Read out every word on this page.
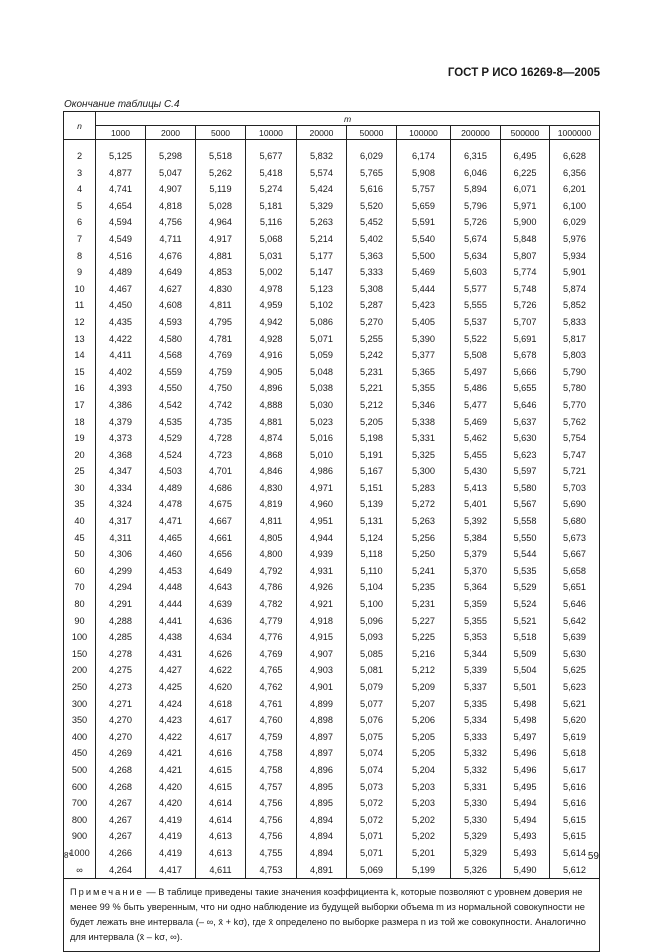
ГОСТ Р ИСО 16269-8—2005
Окончание таблицы С.4
n	m									
	1000	2000	5000	10000	20000	50000	100000	200000	500000	1000000

2	5,125	5,298	5,518	5,677	5,832	6,029	6,174	6,315	6,495	6,628
3	4,877	5,047	5,262	5,418	5,574	5,765	5,908	6,046	6,225	6,356
4	4,741	4,907	5,119	5,274	5,424	5,616	5,757	5,894	6,071	6,201
5	4,654	4,818	5,028	5,181	5,329	5,520	5,659	5,796	5,971	6,100
6	4,594	4,756	4,964	5,116	5,263	5,452	5,591	5,726	5,900	6,029
7	4,549	4,711	4,917	5,068	5,214	5,402	5,540	5,674	5,848	5,976
8	4,516	4,676	4,881	5,031	5,177	5,363	5,500	5,634	5,807	5,934
9	4,489	4,649	4,853	5,002	5,147	5,333	5,469	5,603	5,774	5,901
10	4,467	4,627	4,830	4,978	5,123	5,308	5,444	5,577	5,748	5,874
11	4,450	4,608	4,811	4,959	5,102	5,287	5,423	5,555	5,726	5,852
12	4,435	4,593	4,795	4,942	5,086	5,270	5,405	5,537	5,707	5,833
13	4,422	4,580	4,781	4,928	5,071	5,255	5,390	5,522	5,691	5,817
14	4,411	4,568	4,769	4,916	5,059	5,242	5,377	5,508	5,678	5,803
15	4,402	4,559	4,759	4,905	5,048	5,231	5,365	5,497	5,666	5,790
16	4,393	4,550	4,750	4,896	5,038	5,221	5,355	5,486	5,655	5,780
17	4,386	4,542	4,742	4,888	5,030	5,212	5,346	5,477	5,646	5,770
18	4,379	4,535	4,735	4,881	5,023	5,205	5,338	5,469	5,637	5,762
19	4,373	4,529	4,728	4,874	5,016	5,198	5,331	5,462	5,630	5,754
20	4,368	4,524	4,723	4,868	5,010	5,191	5,325	5,455	5,623	5,747
25	4,347	4,503	4,701	4,846	4,986	5,167	5,300	5,430	5,597	5,721
30	4,334	4,489	4,686	4,830	4,971	5,151	5,283	5,413	5,580	5,703
35	4,324	4,478	4,675	4,819	4,960	5,139	5,272	5,401	5,567	5,690
40	4,317	4,471	4,667	4,811	4,951	5,131	5,263	5,392	5,558	5,680
45	4,311	4,465	4,661	4,805	4,944	5,124	5,256	5,384	5,550	5,673
50	4,306	4,460	4,656	4,800	4,939	5,118	5,250	5,379	5,544	5,667
60	4,299	4,453	4,649	4,792	4,931	5,110	5,241	5,370	5,535	5,658
70	4,294	4,448	4,643	4,786	4,926	5,104	5,235	5,364	5,529	5,651
80	4,291	4,444	4,639	4,782	4,921	5,100	5,231	5,359	5,524	5,646
90	4,288	4,441	4,636	4,779	4,918	5,096	5,227	5,355	5,521	5,642
100	4,285	4,438	4,634	4,776	4,915	5,093	5,225	5,353	5,518	5,639
150	4,278	4,431	4,626	4,769	4,907	5,085	5,216	5,344	5,509	5,630
200	4,275	4,427	4,622	4,765	4,903	5,081	5,212	5,339	5,504	5,625
250	4,273	4,425	4,620	4,762	4,901	5,079	5,209	5,337	5,501	5,623
300	4,271	4,424	4,618	4,761	4,899	5,077	5,207	5,335	5,498	5,621
350	4,270	4,423	4,617	4,760	4,898	5,076	5,206	5,334	5,498	5,620
400	4,270	4,422	4,617	4,759	4,897	5,075	5,205	5,333	5,497	5,619
450	4,269	4,421	4,616	4,758	4,897	5,074	5,205	5,332	5,496	5,618
500	4,268	4,421	4,615	4,758	4,896	5,074	5,204	5,332	5,496	5,617
600	4,268	4,420	4,615	4,757	4,895	5,073	5,203	5,331	5,495	5,616
700	4,267	4,420	4,614	4,756	4,895	5,072	5,203	5,330	5,494	5,616
800	4,267	4,419	4,614	4,756	4,894	5,072	5,202	5,330	5,494	5,615
900	4,267	4,419	4,613	4,756	4,894	5,071	5,202	5,329	5,493	5,615
1000	4,266	4,419	4,613	4,755	4,894	5,071	5,201	5,329	5,493	5,614
∞	4,264	4,417	4,611	4,753	4,891	5,069	5,199	5,326	5,490	5,612
Примечание — В таблице приведены такие значения коэффициента k, которые позволяют с уровнем доверия не менее 99 % быть уверенным, что ни одно наблюдение из будущей выборки объема m из нормальной совокупности не будет лежать вне интервала (– ∞, x̄ + kσ), где x̄ определено по выборке размера n из той же совокупности. Аналогично для интервала (x̄ – kσ, ∞).										
8*	59
